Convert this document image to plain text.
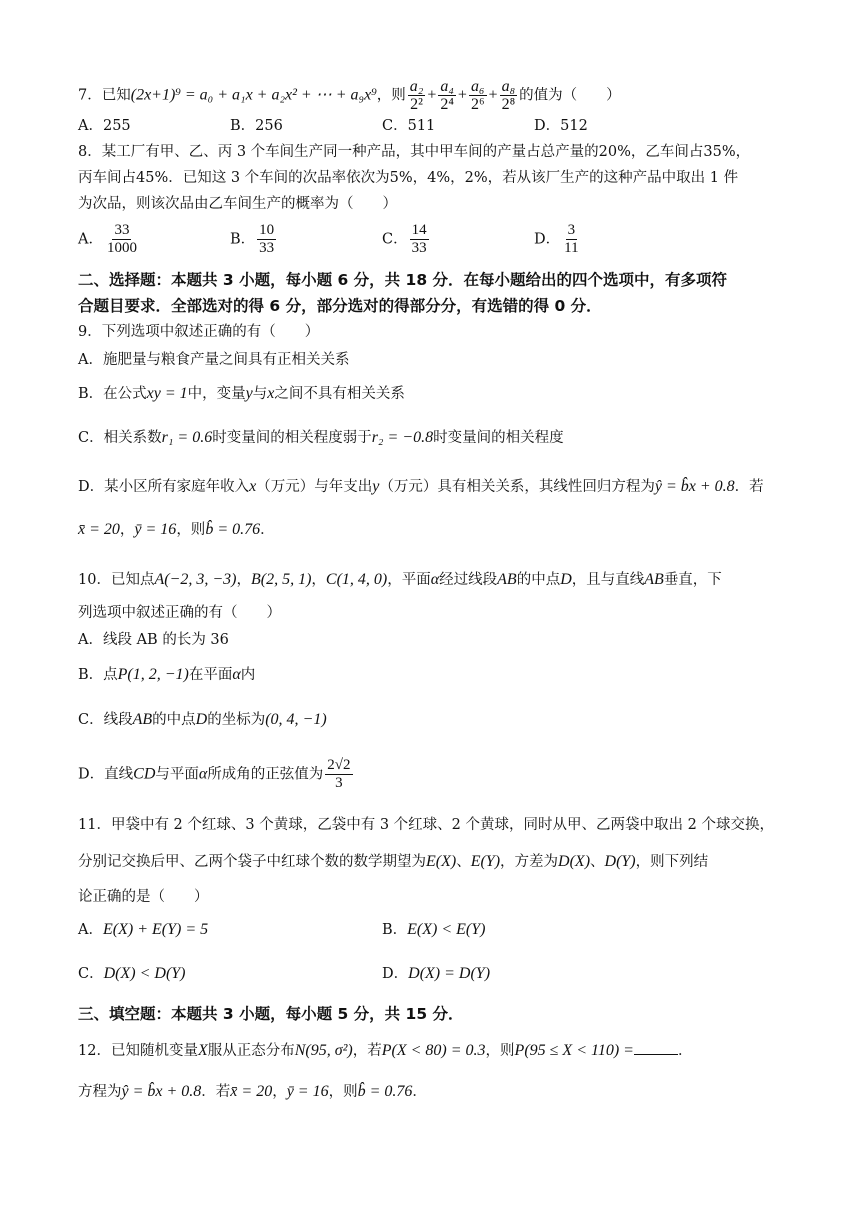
7．已知(2x+1)⁹ = a₀ + a₁x + a₂x² + ⋯ + a₉x⁹，则 $\frac{\text{a₂}}{\text{2²}} + \frac{\text{a₄}}{\text{2⁴}} + \frac{\text{a₆}}{\text{2⁶}} + \frac{\text{a₈}}{\text{2⁸}}$ 的值为（　　）
A．255	B．256	C．511	D．512
8．某工厂有甲、乙、丙 3 个车间生产同一种产品，其中甲车间的产量占总产量的20%，乙车间占35%，
丙车间占45%．已知这 3 个车间的次品率依次为5%，4%，2%，若从该厂生产的这种产品中取出 1 件
为次品，则该次品由乙车间生产的概率为（　　）
A． $\frac{33}{1000}$	B． $\frac{10}{33}$	C． $\frac{14}{33}$	D． $\frac{3}{11}$
二、选择题：本题共 3 小题，每小题 6 分，共 18 分．在每小题给出的四个选项中，有多项符
合题目要求．全部选对的得 6 分，部分选对的得部分分，有选错的得 0 分．
9．下列选项中叙述正确的有（　　）
A．施肥量与粮食产量之间具有正相关关系
B．在公式xy = 1中，变量y与x之间不具有相关关系
C．相关系数r₁ = 0.6时变量间的相关程度弱于r₂ = −0.8时变量间的相关程度
D．某小区所有家庭年收入x（万元）与年支出y（万元）具有相关关系，其线性回归方程为ŷ = b̂x + 0.8．若
x̄ = 20，ȳ = 16，则b̂ = 0.76．
10．已知点A(−2, 3, −3)，B(2, 5, 1)，C(1, 4, 0)，平面α经过线段AB的中点D，且与直线AB垂直，下
列选项中叙述正确的有（　　）
A．线段 AB 的长为 36
B．点P(1, 2, −1)在平面α内
C．线段AB的中点D的坐标为(0, 4, −1)
D．直线CD与平面α所成角的正弦值为 $\frac{2√2}{3}$
11．甲袋中有 2 个红球、3 个黄球，乙袋中有 3 个红球、2 个黄球，同时从甲、乙两袋中取出 2 个球交换，
分别记交换后甲、乙两个袋子中红球个数的数学期望为E(X)、E(Y)，方差为D(X)、D(Y)，则下列结
论正确的是（　　）
A．E(X) + E(Y) = 5	B．E(X) < E(Y)
C．D(X) < D(Y)	D．D(X) = D(Y)
三、填空题：本题共 3 小题，每小题 5 分，共 15 分．
12．已知随机变量X服从正态分布N(95, σ²)，若P(X < 80) = 0.3，则P(95 ≤ X < 110) =	．
方程为ŷ = b̂x + 0.8．若x̄ = 20，ȳ = 16，则b̂ = 0.76．
